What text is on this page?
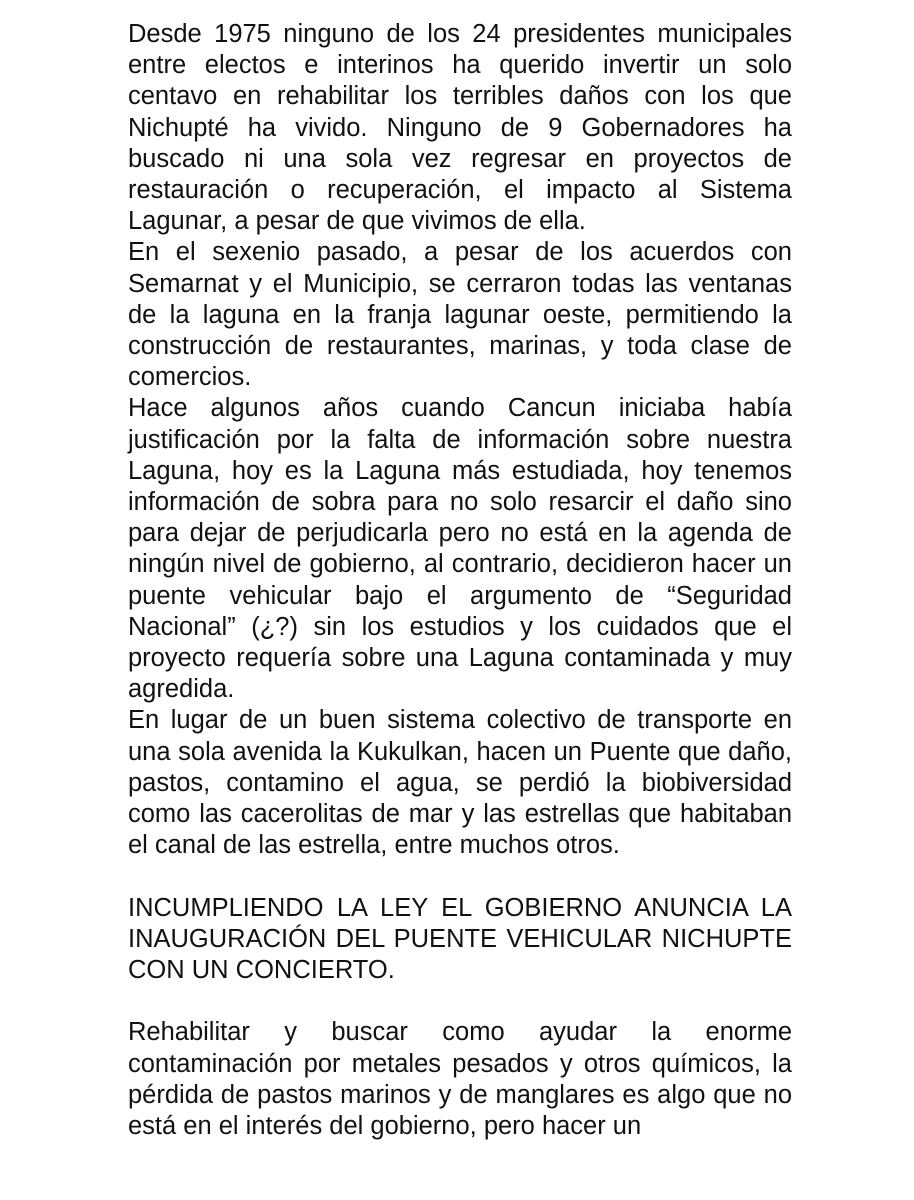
Desde 1975 ninguno de los 24 presidentes municipales entre electos e interinos ha querido invertir un solo centavo en rehabilitar los terribles daños con los que Nichupté ha vivido. Ninguno de 9 Gobernadores ha buscado ni una sola vez regresar en proyectos de restauración o recuperación, el impacto al Sistema Lagunar, a pesar de que vivimos de ella.

En el sexenio pasado, a pesar de los acuerdos con Semarnat y el Municipio, se cerraron todas las ventanas de la laguna en la franja lagunar oeste, permitiendo la construcción de restaurantes, marinas, y toda clase de comercios.

Hace algunos años cuando Cancun iniciaba había justificación por la falta de información sobre nuestra Laguna, hoy es la Laguna más estudiada, hoy tenemos información de sobra para no solo resarcir el daño sino para dejar de perjudicarla pero no está en la agenda de ningún nivel de gobierno, al contrario, decidieron hacer un puente vehicular bajo el argumento de “Seguridad Nacional” (¿?) sin los estudios y los cuidados que el proyecto requería sobre una Laguna contaminada y muy agredida.

En lugar de un buen sistema colectivo de transporte en una sola avenida la Kukulkan, hacen un Puente que daño, pastos, contamino el agua, se perdió la biobiversidad como las cacerolitas de mar y las estrellas que habitaban el canal de las estrella, entre muchos otros.

INCUMPLIENDO LA LEY EL GOBIERNO ANUNCIA LA INAUGURACIÓN DEL PUENTE VEHICULAR NICHUPTE CON UN CONCIERTO.

Rehabilitar y buscar como ayudar la enorme contaminación por metales pesados y otros químicos, la pérdida de pastos marinos y de manglares es algo que no está en el interés del gobierno, pero hacer un
